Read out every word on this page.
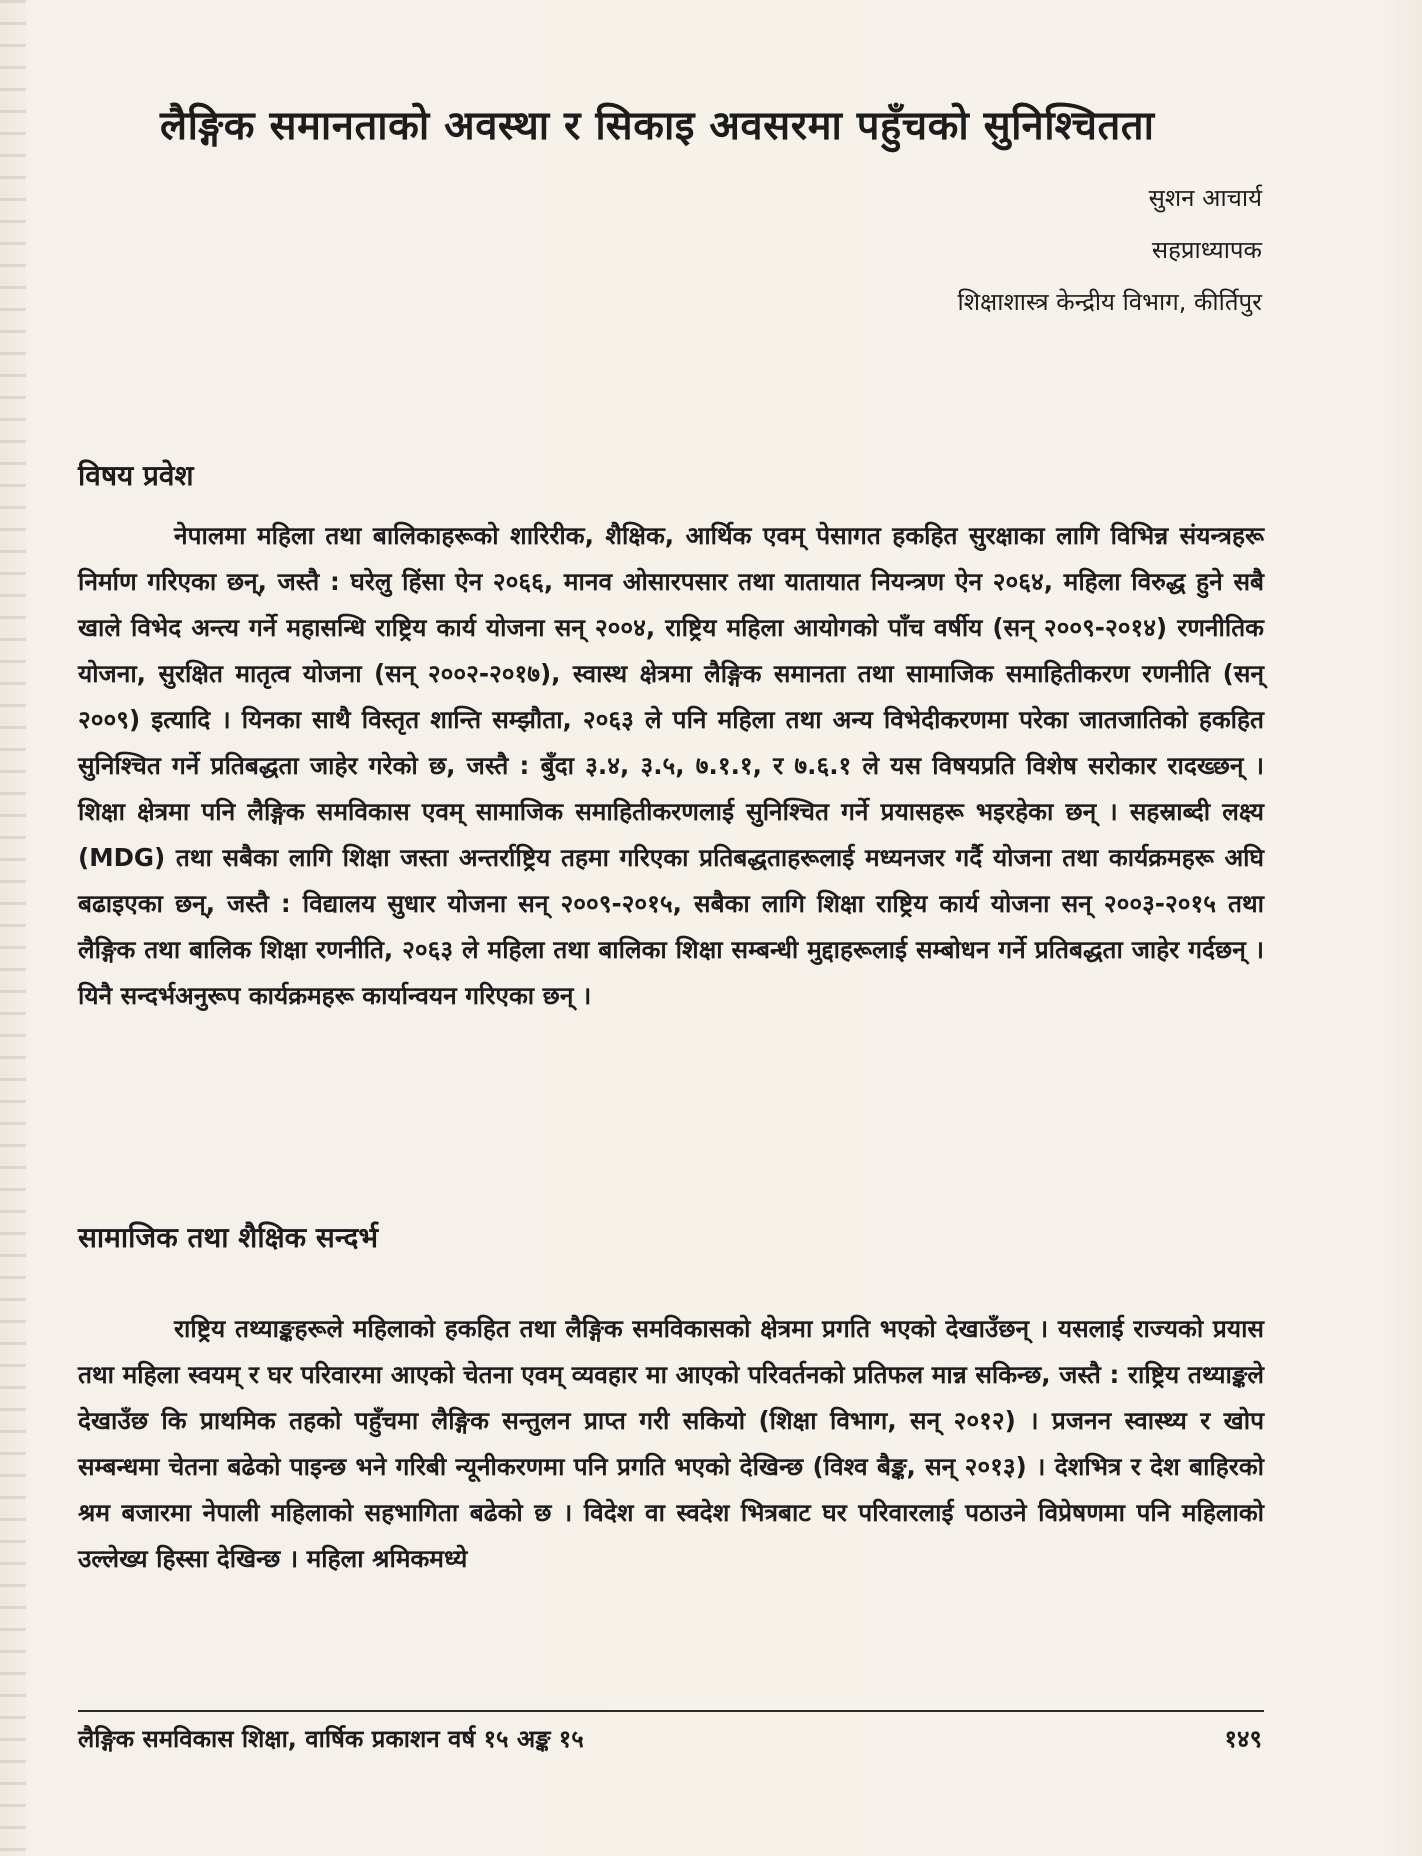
लैङ्गिक समानताको अवस्था र सिकाइ अवसरमा पहुँचको सुनिश्चितता
सुशन आचार्य
सहप्राध्यापक
शिक्षाशास्त्र केन्द्रीय विभाग, कीर्तिपुर
विषय प्रवेश

नेपालमा महिला तथा बालिकाहरूको शारिरीक, शैक्षिक, आर्थिक एवम् पेसागत हकहित सुरक्षाका लागि विभिन्न संयन्त्रहरू निर्माण गरिएका छन्, जस्तै : घरेलु हिंसा ऐन २०६६, मानव ओसारपसार तथा यातायात नियन्त्रण ऐन २०६४, महिला विरुद्ध हुने सबै खाले विभेद अन्त्य गर्ने महासन्धि राष्ट्रिय कार्य योजना सन् २००४, राष्ट्रिय महिला आयोगको पाँच वर्षीय (सन् २००९-२०१४) रणनीतिक योजना, सुरक्षित मातृत्व योजना (सन् २००२-२०१७), स्वास्थ क्षेत्रमा लैङ्गिक समानता तथा सामाजिक समाहितीकरण रणनीति (सन् २००९) इत्यादि । यिनका साथै विस्तृत शान्ति सम्झौता, २०६३ ले पनि महिला तथा अन्य विभेदीकरणमा परेका जातजातिको हकहित सुनिश्चित गर्ने प्रतिबद्धता जाहेर गरेको छ, जस्तै : बुँदा ३.४, ३.५, ७.१.१, र ७.६.१ ले यस विषयप्रति विशेष सरोकार रादख्छन् । शिक्षा क्षेत्रमा पनि लैङ्गिक समविकास एवम् सामाजिक समाहितीकरणलाई सुनिश्चित गर्ने प्रयासहरू भइरहेका छन् । सहस्राब्दी लक्ष्य (MDG) तथा सबैका लागि शिक्षा जस्ता अन्तर्राष्ट्रिय तहमा गरिएका प्रतिबद्धताहरूलाई मध्यनजर गर्दै योजना तथा कार्यक्रमहरू अघि बढाइएका छन्, जस्तै : विद्यालय सुधार योजना सन् २००९-२०१५, सबैका लागि शिक्षा राष्ट्रिय कार्य योजना सन् २००३-२०१५ तथा लैङ्गिक तथा बालिक शिक्षा रणनीति, २०६३ ले महिला तथा बालिका शिक्षा सम्बन्धी मुद्दाहरूलाई सम्बोधन गर्ने प्रतिबद्धता जाहेर गर्दछन् । यिनै सन्दर्भअनुरूप कार्यक्रमहरू कार्यान्वयन गरिएका छन् ।

सामाजिक तथा शैक्षिक सन्दर्भ

राष्ट्रिय तथ्याङ्कहरूले महिलाको हकहित तथा लैङ्गिक समविकासको क्षेत्रमा प्रगति भएको देखाउँछन् । यसलाई राज्यको प्रयास तथा महिला स्वयम् र घर परिवारमा आएको चेतना एवम् व्यवहार मा आएको परिवर्तनको प्रतिफल मान्न सकिन्छ, जस्तै : राष्ट्रिय तथ्याङ्कले देखाउँछ कि प्राथमिक तहको पहुँचमा लैङ्गिक सन्तुलन प्राप्त गरी सकियो (शिक्षा विभाग, सन् २०१२) । प्रजनन स्वास्थ्य र खोप सम्बन्धमा चेतना बढेको पाइन्छ भने गरिबी न्यूनीकरणमा पनि प्रगति भएको देखिन्छ (विश्व बैङ्क, सन् २०१३) । देशभित्र र देश बाहिरको श्रम बजारमा नेपाली महिलाको सहभागिता बढेको छ । विदेश वा स्वदेश भित्रबाट घर परिवारलाई पठाउने विप्रेषणमा पनि महिलाको उल्लेख्य हिस्सा देखिन्छ । महिला श्रमिकमध्ये

लैङ्गिक समविकास शिक्षा, वार्षिक प्रकाशन वर्ष १५ अङ्क १५	१४९
